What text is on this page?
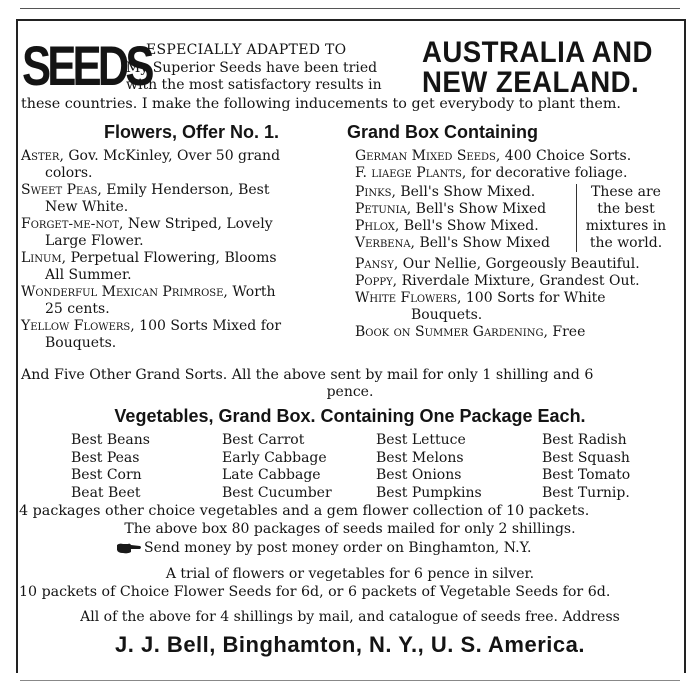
SEEDS
ESPECIALLY ADAPTED TO
My Superior Seeds have been tried
with the most satisfactory results in
AUSTRALIA AND
NEW ZEALAND.
these countries. I make the following inducements to get everybody to plant them.
Flowers, Offer No. 1.	Grand Box Containing
Aster, Gov. McKinley, Over 50 grand
colors.
Sweet Peas, Emily Henderson, Best
New White.
Forget-me-not, New Striped, Lovely
Large Flower.
Linum, Perpetual Flowering, Blooms
All Summer.
Wonderful Mexican Primrose, Worth
25 cents.
Yellow Flowers, 100 Sorts Mixed for
Bouquets.
German Mixed Seeds, 400 Choice Sorts.
F. liaege Plants, for decorative foliage.
Pinks, Bell's Show Mixed.
Petunia, Bell's Show Mixed
Phlox, Bell's Show Mixed.
Verbena, Bell's Show Mixed
These are
the best
mixtures in
the world.
Pansy, Our Nellie, Gorgeously Beautiful.
Poppy, Riverdale Mixture, Grandest Out.
White Flowers, 100 Sorts for White
Bouquets.
Book on Summer Gardening, Free
And Five Other Grand Sorts. All the above sent by mail for only 1 shilling and 6
pence.
Vegetables, Grand Box. Containing One Package Each.
Best Beans
Best Peas
Best Corn
Beat Beet
Best Carrot
Early Cabbage
Late Cabbage
Best Cucumber
Best Lettuce
Best Melons
Best Onions
Best Pumpkins
Best Radish
Best Squash
Best Tomato
Best Turnip.
4 packages other choice vegetables and a gem flower collection of 10 packets.
The above box 80 packages of seeds mailed for only 2 shillings.
Send money by post money order on Binghamton, N.Y.
A trial of flowers or vegetables for 6 pence in silver.
10 packets of Choice Flower Seeds for 6d, or 6 packets of Vegetable Seeds for 6d.
All of the above for 4 shillings by mail, and catalogue of seeds free. Address
J. J. Bell, Binghamton, N. Y., U. S. America.
